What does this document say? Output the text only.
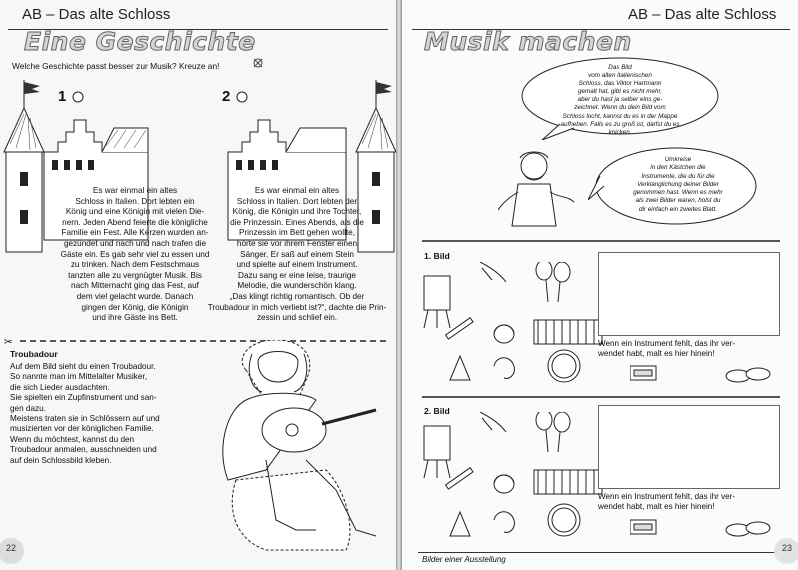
AB – Das alte Schloss
Eine Geschichte
Welche Geschichte passt besser zur Musik? Kreuze an!
1	2
Es war einmal ein altes
Schloss in Italien. Dort lebten ein
König und eine Königin mit vielen Die-
nern. Jeden Abend feierte die königliche
Familie ein Fest. Alle Kerzen wurden an-
gezündet und nach und nach trafen die
Gäste ein. Es gab sehr viel zu essen und
zu trinken. Nach dem Festschmaus
tanzten alle zu vergnügter Musik. Bis
nach Mitternacht ging das Fest, auf
dem viel gelacht wurde. Danach
gingen der König, die Königin
und ihre Gäste ins Bett.
Es war einmal ein altes
Schloss in Italien. Dort lebten der
König, die Königin und ihre Tochter,
die Prinzessin. Eines Abends, als die
Prinzessin im Bett gehen wollte,
hörte sie vor ihrem Fenster einen
Sänger. Er saß auf einem Stein
und spielte auf einem Instrument.
Dazu sang er eine leise, traurige
Melodie, die wunderschön klang.
„Das klingt richtig romantisch. Ob der
Troubadour in mich verliebt ist?“, dachte die Prin-
zessin und schlief ein.
✂
Troubadour
Auf dem Bild sieht du einen Troubadour.
So nannte man im Mittelalter Musiker,
die sich Lieder ausdachten.
Sie spielten ein Zupfinstrument und san-
gen dazu.
Meistens traten sie in Schlössern auf und
musizierten vor der königlichen Familie.
Wenn du möchtest, kannst du den
Troubadour anmalen, ausschneiden und
auf dein Schlossbild kleben.
22
AB – Das alte Schloss
Musik machen
Das Bild
vom alten italienischen
Schloss, das Viktor Hartmann
gemalt hat, gibt es nicht mehr,
aber du hast ja selber eins ge-
zeichnet. Wenn du dein Bild vom
Schloss locht, kannst du es in der Mappe
aufheben. Falls es zu groß ist, darfst du es
knicken.
Umkreise
in den Kästchen die
Instrumente, die du für die
Verklanglichung deiner Bilder
genommen hast. Wenn es mehr
als zwei Bilder waren, holst du
dir einfach ein zweites Blatt.
1. Bild
Wenn ein Instrument fehlt, das ihr ver-
wendet habt, malt es hier hinein!
2. Bild
Wenn ein Instrument fehlt, das ihr ver-
wendet habt, malt es hier hinein!
Bilder einer Ausstellung
23
